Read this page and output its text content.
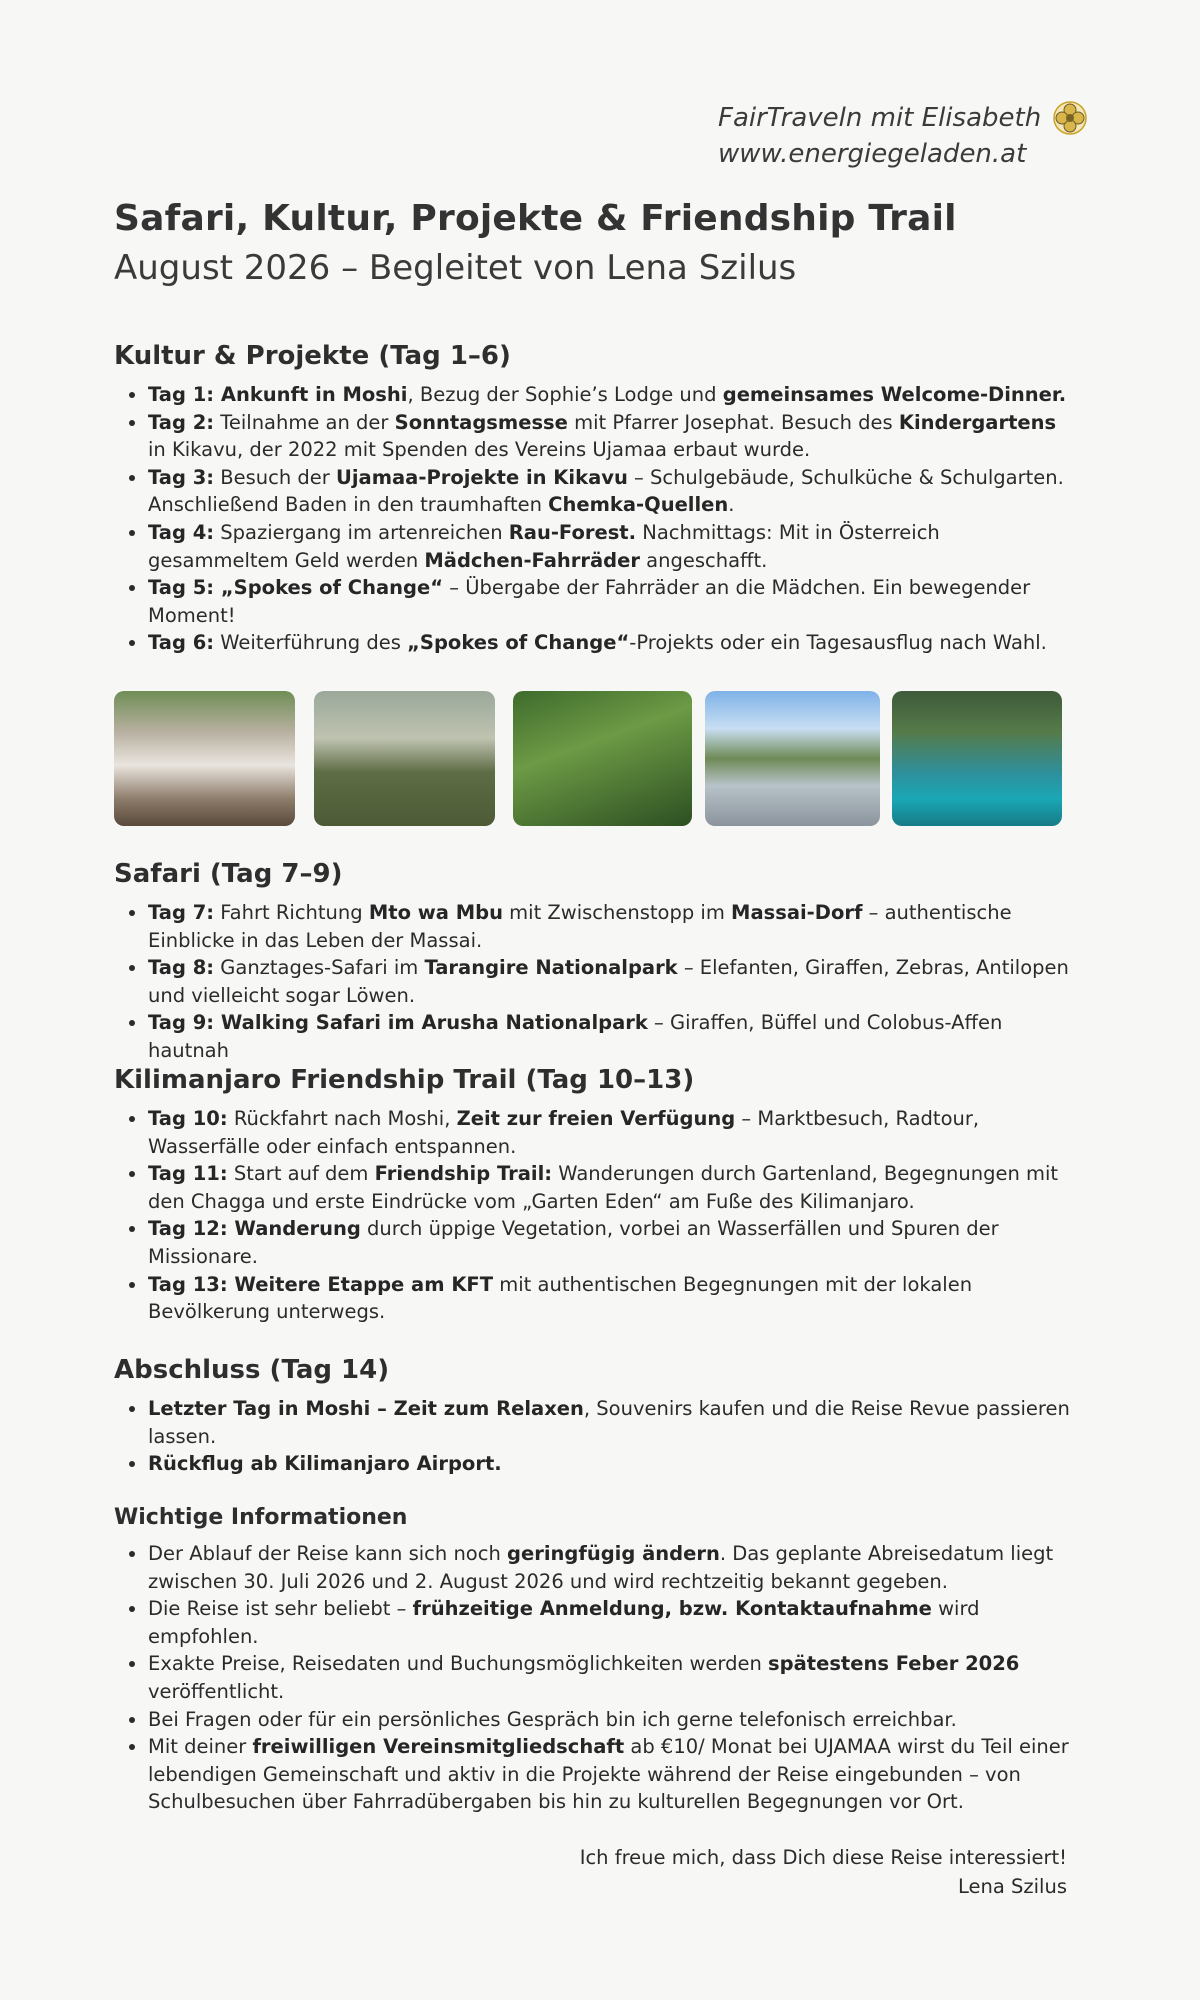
FairTraveln mit Elisabeth
www.energiegeladen.at
Safari, Kultur, Projekte & Friendship Trail
August 2026 – Begleitet von Lena Szilus
Kultur & Projekte (Tag 1–6)
• Tag 1: Ankunft in Moshi, Bezug der Sophie’s Lodge und gemeinsames Welcome-Dinner.
• Tag 2: Teilnahme an der Sonntagsmesse mit Pfarrer Josephat. Besuch des Kindergartens in Kikavu, der 2022 mit Spenden des Vereins Ujamaa erbaut wurde.
• Tag 3: Besuch der Ujamaa-Projekte in Kikavu – Schulgebäude, Schulküche & Schulgarten. Anschließend Baden in den traumhaften Chemka-Quellen.
• Tag 4: Spaziergang im artenreichen Rau-Forest. Nachmittags: Mit in Österreich gesammeltem Geld werden Mädchen-Fahrräder angeschafft.
• Tag 5: „Spokes of Change“ – Übergabe der Fahrräder an die Mädchen. Ein bewegender Moment!
• Tag 6: Weiterführung des „Spokes of Change“-Projekts oder ein Tagesausflug nach Wahl.
Safari (Tag 7–9)
• Tag 7: Fahrt Richtung Mto wa Mbu mit Zwischenstopp im Massai-Dorf – authentische Einblicke in das Leben der Massai.
• Tag 8: Ganztages-Safari im Tarangire Nationalpark – Elefanten, Giraffen, Zebras, Antilopen und vielleicht sogar Löwen.
• Tag 9: Walking Safari im Arusha Nationalpark – Giraffen, Büffel und Colobus-Affen hautnah
Kilimanjaro Friendship Trail (Tag 10–13)
• Tag 10: Rückfahrt nach Moshi, Zeit zur freien Verfügung – Marktbesuch, Radtour, Wasserfälle oder einfach entspannen.
• Tag 11: Start auf dem Friendship Trail: Wanderungen durch Gartenland, Begegnungen mit den Chagga und erste Eindrücke vom „Garten Eden“ am Fuße des Kilimanjaro.
• Tag 12: Wanderung durch üppige Vegetation, vorbei an Wasserfällen und Spuren der Missionare.
• Tag 13: Weitere Etappe am KFT mit authentischen Begegnungen mit der lokalen Bevölkerung unterwegs.
Abschluss (Tag 14)
• Letzter Tag in Moshi – Zeit zum Relaxen, Souvenirs kaufen und die Reise Revue passieren lassen.
• Rückflug ab Kilimanjaro Airport.
Wichtige Informationen
• Der Ablauf der Reise kann sich noch geringfügig ändern. Das geplante Abreisedatum liegt zwischen 30. Juli 2026 und 2. August 2026 und wird rechtzeitig bekannt gegeben.
• Die Reise ist sehr beliebt – frühzeitige Anmeldung, bzw. Kontaktaufnahme wird empfohlen.
• Exakte Preise, Reisedaten und Buchungsmöglichkeiten werden spätestens Feber 2026 veröffentlicht.
• Bei Fragen oder für ein persönliches Gespräch bin ich gerne telefonisch erreichbar.
• Mit deiner freiwilligen Vereinsmitgliedschaft ab €10/ Monat bei UJAMAA wirst du Teil einer lebendigen Gemeinschaft und aktiv in die Projekte während der Reise eingebunden – von Schulbesuchen über Fahrradübergaben bis hin zu kulturellen Begegnungen vor Ort.
Ich freue mich, dass Dich diese Reise interessiert!
Lena Szilus
